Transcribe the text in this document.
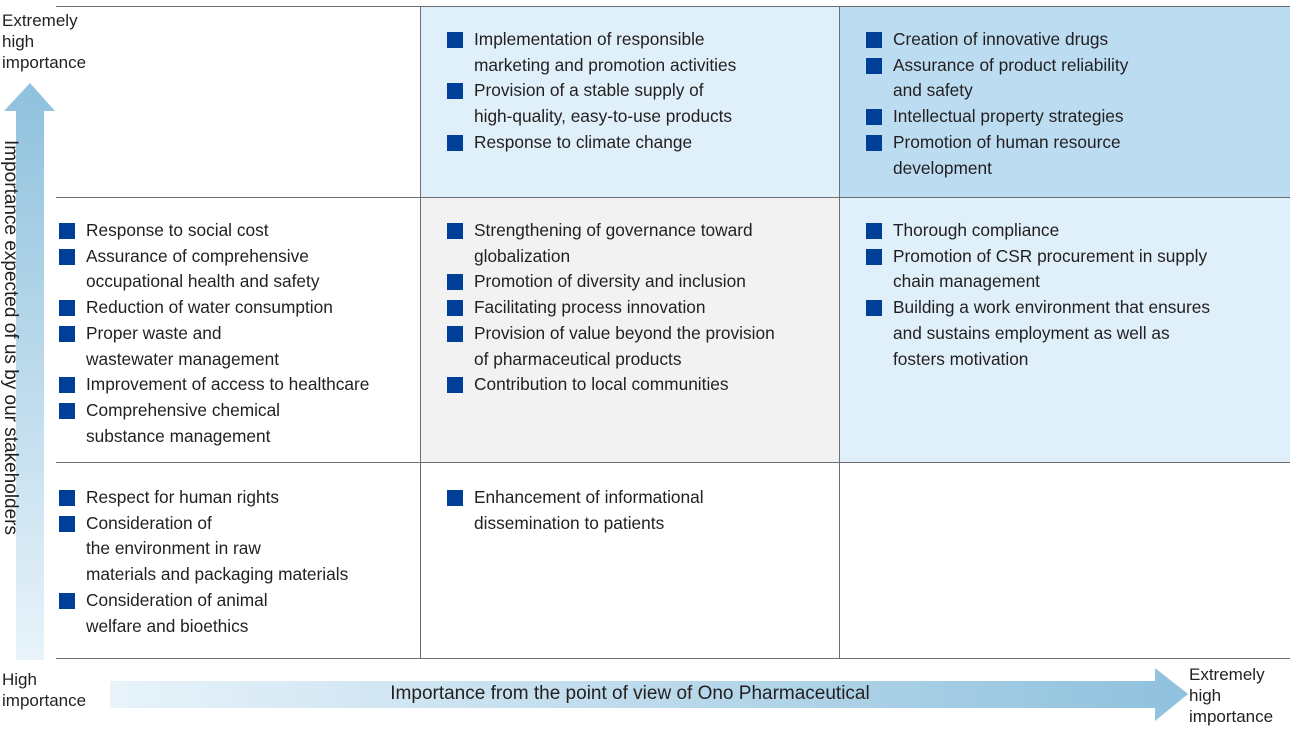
Implementation of responsible
marketing and promotion activities
Provision of a stable supply of
high-quality, easy-to-use products
Response to climate change
Creation of innovative drugs
Assurance of product reliability
and safety
Intellectual property strategies
Promotion of human resource
development
Response to social cost
Assurance of comprehensive
occupational health and safety
Reduction of water consumption
Proper waste and
wastewater management
Improvement of access to healthcare
Comprehensive chemical
substance management
Strengthening of governance toward
globalization
Promotion of diversity and inclusion
Facilitating process innovation
Provision of value beyond the provision
of pharmaceutical products
Contribution to local communities
Thorough compliance
Promotion of CSR procurement in supply
chain management
Building a work environment that ensures
and sustains employment as well as
fosters motivation
Respect for human rights
Consideration of
the environment in raw
materials and packaging materials
Consideration of animal
welfare and bioethics
Enhancement of informational
dissemination to patients
Importance expected of us by our stakeholders
Importance from the point of view of Ono Pharmaceutical
Extremely
high
importance
High
importance
Extremely
high
importance
